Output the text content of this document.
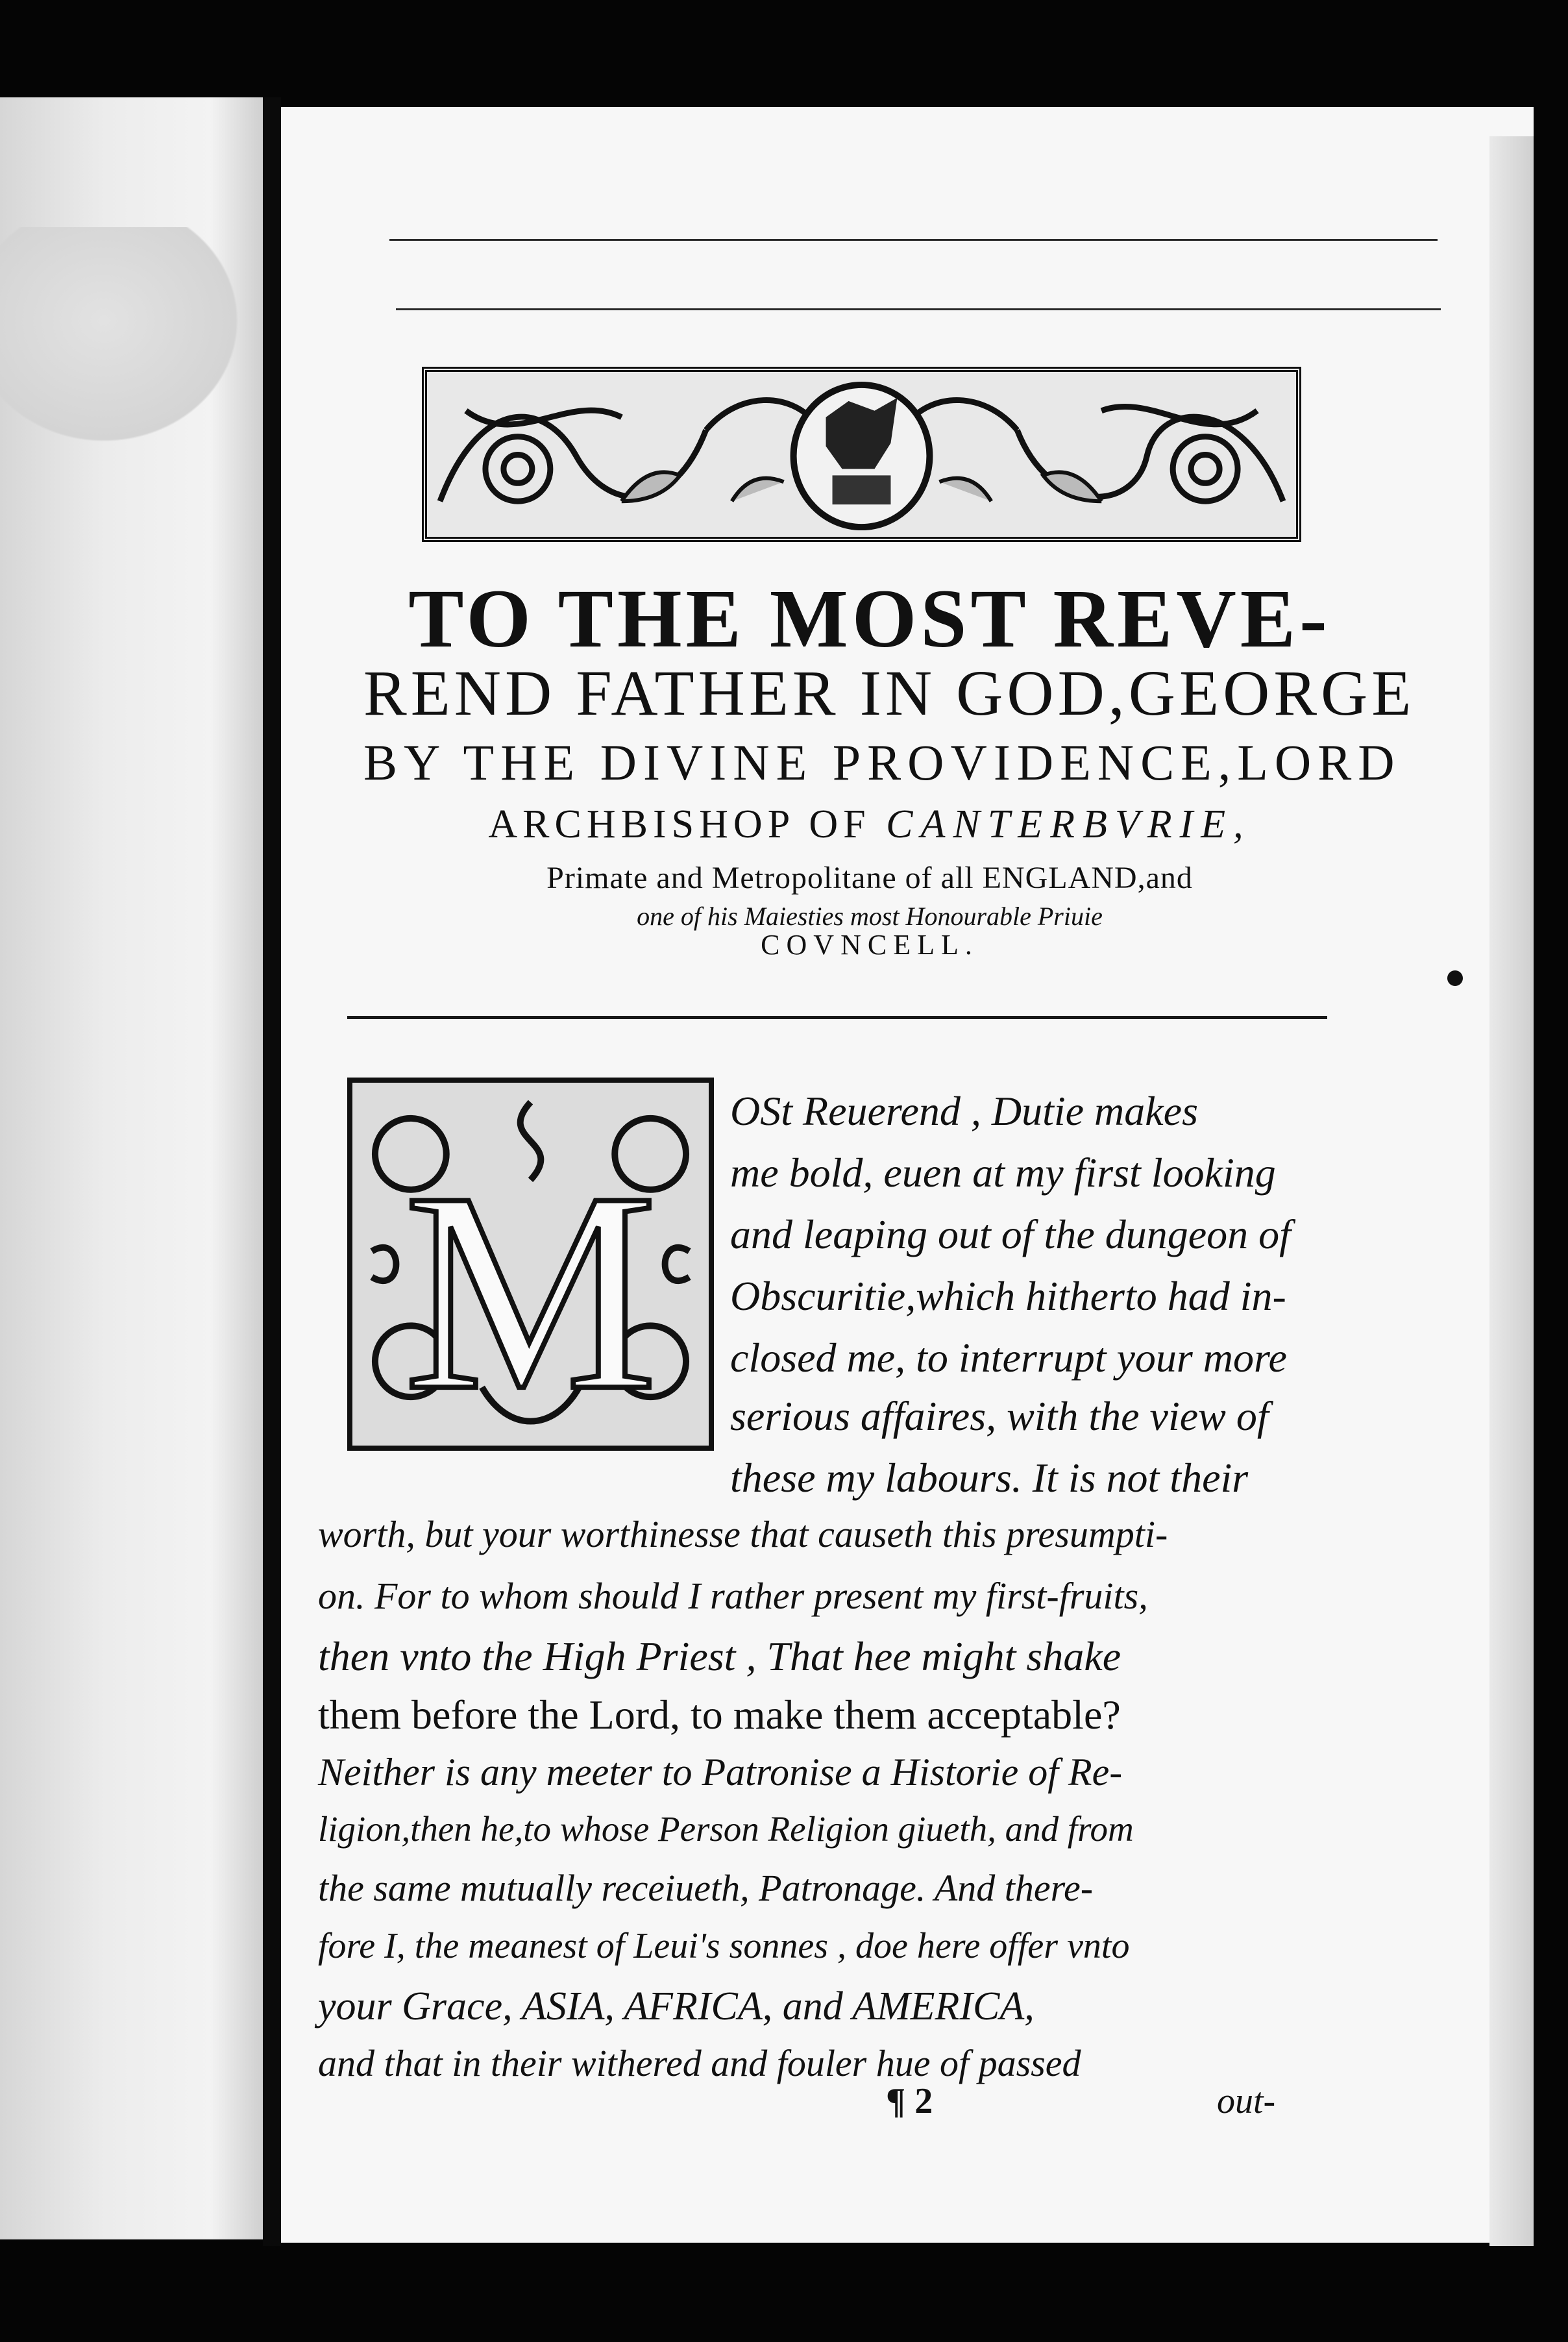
TO THE MOST REVE-
REND FATHER IN GOD,GEORGE
BY THE DIVINE PROVIDENCE,LORD
ARCHBISHOP OF CANTERBVRIE,
Primate and Metropolitane of all ENGLAND,and
one of his Maiesties most Honourable Priuie
COVNCELL.
M
OSt Reuerend , Dutie makes
me bold, euen at my first looking
and leaping out of the dungeon of
Obscuritie,which hitherto had in-
closed me, to interrupt your more
serious affaires, with the view of
these my labours. It is not their
worth, but your worthinesse that causeth this presumpti-
on. For to whom should I rather present my first-fruits,
then vnto the High Priest , That hee might shake
them before the Lord, to make them acceptable?
Neither is any meeter to Patronise a Historie of Re-
ligion,then he,to whose Person Religion giueth, and from
the same mutually receiueth, Patronage. And there-
fore I, the meanest of Leui's sonnes , doe here offer vnto
your Grace, ASIA, AFRICA, and AMERICA,
and that in their withered and fouler hue of passed
¶ 2	out-
